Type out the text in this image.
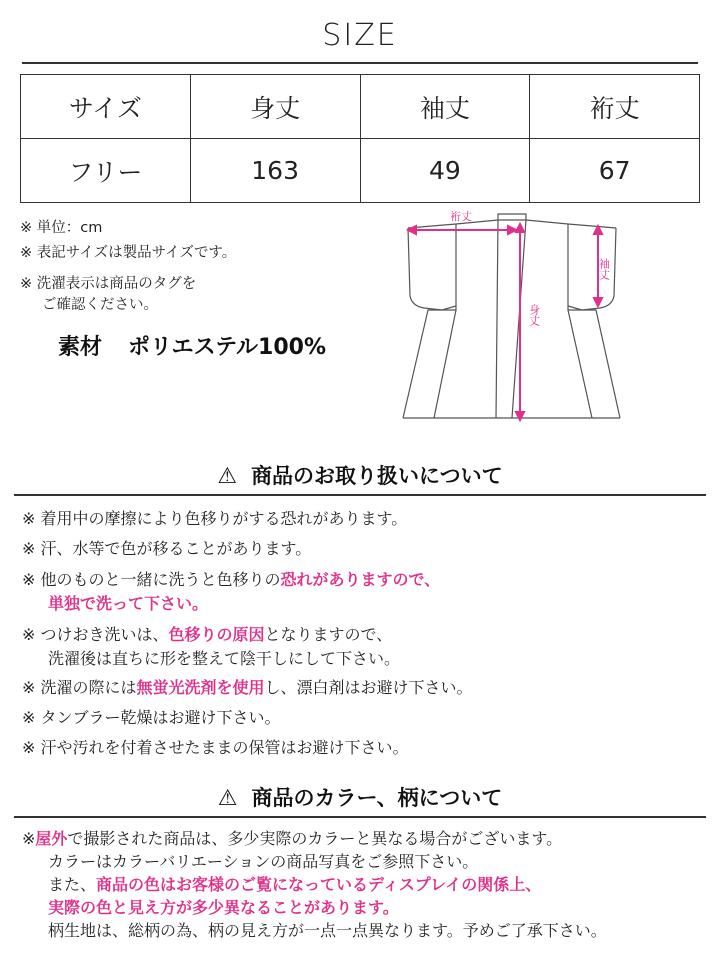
SIZE
サイズ	身丈	袖丈	裄丈
フリー	163	49	67
※ 単位：cm
※ 表記サイズは製品サイズです。
※ 洗濯表示は商品のタグを
ご確認ください。
素材 ポリエステル100%
裄丈
袖丈
身丈
⚠ 商品のお取り扱いについて
※ 着用中の摩擦により色移りがする恐れがあります。
※ 汗、水等で色が移ることがあります。
※ 他のものと一緒に洗うと色移りの恐れがありますので、
単独で洗って下さい。
※ つけおき洗いは、色移りの原因となりますので、
洗濯後は直ちに形を整えて陰干しにして下さい。
※ 洗濯の際には無蛍光洗剤を使用し、漂白剤はお避け下さい。
※ タンブラー乾燥はお避け下さい。
※ 汗や汚れを付着させたままの保管はお避け下さい。
⚠ 商品のカラー、柄について
※屋外で撮影された商品は、多少実際のカラーと異なる場合がございます。
カラーはカラーバリエーションの商品写真をご参照下さい。
また、商品の色はお客様のご覧になっているディスプレイの関係上、
実際の色と見え方が多少異なることがあります。
柄生地は、総柄の為、柄の見え方が一点一点異なります。予めご了承下さい。
